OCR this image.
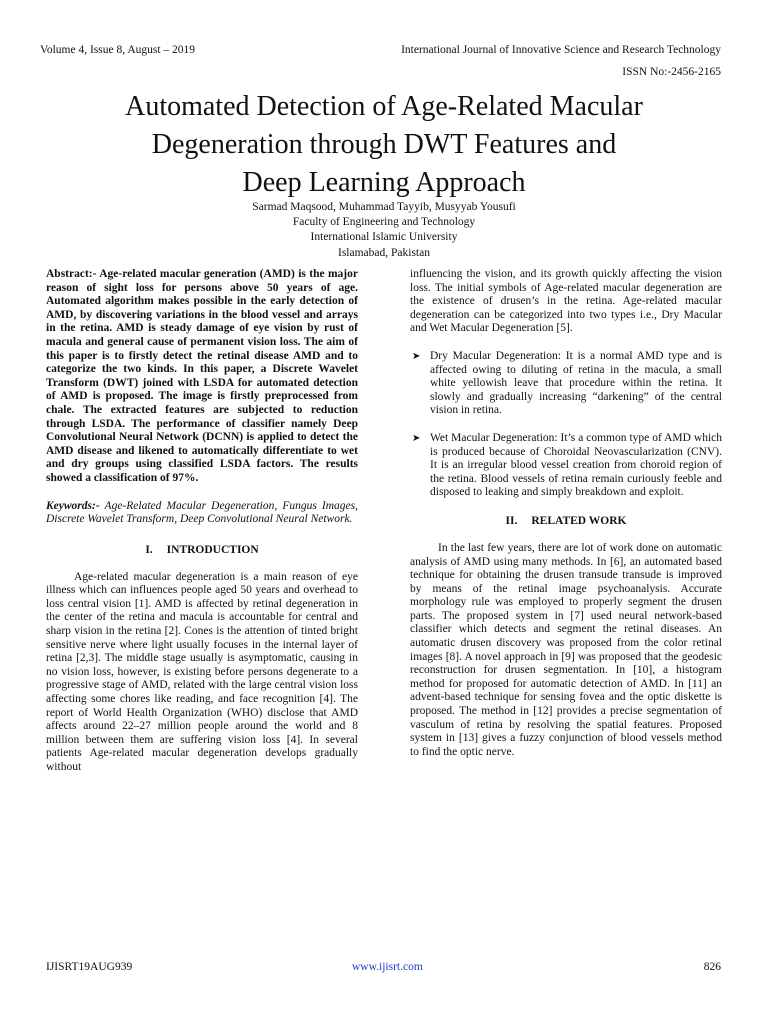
Volume 4, Issue 8, August – 2019	International Journal of Innovative Science and Research Technology
ISSN No:-2456-2165
Automated Detection of Age-Related Macular
Degeneration through DWT Features and
Deep Learning Approach
Sarmad Maqsood, Muhammad Tayyib, Musyyab Yousufi
Faculty of Engineering and Technology
International Islamic University
Islamabad, Pakistan

Abstract:- Age-related macular generation (AMD) is the major reason of sight loss for persons above 50 years of age. Automated algorithm makes possible in the early detection of AMD, by discovering variations in the blood vessel and arrays in the retina. AMD is steady damage of eye vision by rust of macula and general cause of permanent vision loss. The aim of this paper is to firstly detect the retinal disease AMD and to categorize the two kinds. In this paper, a Discrete Wavelet Transform (DWT) joined with LSDA for automated detection of AMD is proposed. The image is firstly preprocessed from chale. The extracted features are subjected to reduction through LSDA. The performance of classifier namely Deep Convolutional Neural Network (DCNN) is applied to detect the AMD disease and likened to automatically differentiate to wet and dry groups using classified LSDA factors. The results showed a classification of 97%.

Keywords:- Age-Related Macular Degeneration, Fungus Images, Discrete Wavelet Transform, Deep Convolutional Neural Network.

I. INTRODUCTION

Age-related macular degeneration is a main reason of eye illness which can influences people aged 50 years and overhead to loss central vision [1]. AMD is affected by retinal degeneration in the center of the retina and macula is accountable for central and sharp vision in the retina [2]. Cones is the attention of tinted bright sensitive nerve where light usually focuses in the internal layer of retina [2,3]. The middle stage usually is asymptomatic, causing in no vision loss, however, is existing before persons degenerate to a progressive stage of AMD, related with the large central vision loss affecting some chores like reading, and face recognition [4]. The report of World Health Organization (WHO) disclose that AMD affects around 22–27 million people around the world and 8 million between them are suffering vision loss [4]. In several patients Age-related macular degeneration develops gradually without

influencing the vision, and its growth quickly affecting the vision loss. The initial symbols of Age-related macular degeneration are the existence of drusen’s in the retina. Age-related macular degeneration can be categorized into two types i.e., Dry Macular and Wet Macular Degeneration [5].

➤ Dry Macular Degeneration: It is a normal AMD type and is affected owing to diluting of retina in the macula, a small white yellowish leave that procedure within the retina. It slowly and gradually increasing “darkening” of the central vision in retina.
➤ Wet Macular Degeneration: It’s a common type of AMD which is produced because of Choroidal Neovascularization (CNV). It is an irregular blood vessel creation from choroid region of the retina. Blood vessels of retina remain curiously feeble and disposed to leaking and simply breakdown and exploit.

II. RELATED WORK

In the last few years, there are lot of work done on automatic analysis of AMD using many methods. In [6], an automated based technique for obtaining the drusen transude transude is improved by means of the retinal image psychoanalysis. Accurate morphology rule was employed to properly segment the drusen parts. The proposed system in [7] used neural network-based classifier which detects and segment the retinal diseases. An automatic drusen discovery was proposed from the color retinal images [8]. A novel approach in [9] was proposed that the geodesic reconstruction for drusen segmentation. In [10], a histogram method for proposed for automatic detection of AMD. In [11] an advent-based technique for sensing fovea and the optic diskette is proposed. The method in [12] provides a precise segmentation of vasculum of retina by resolving the spatial features. Proposed system in [13] gives a fuzzy conjunction of blood vessels method to find the optic nerve.

IJISRT19AUG939	www.ijisrt.com	826
